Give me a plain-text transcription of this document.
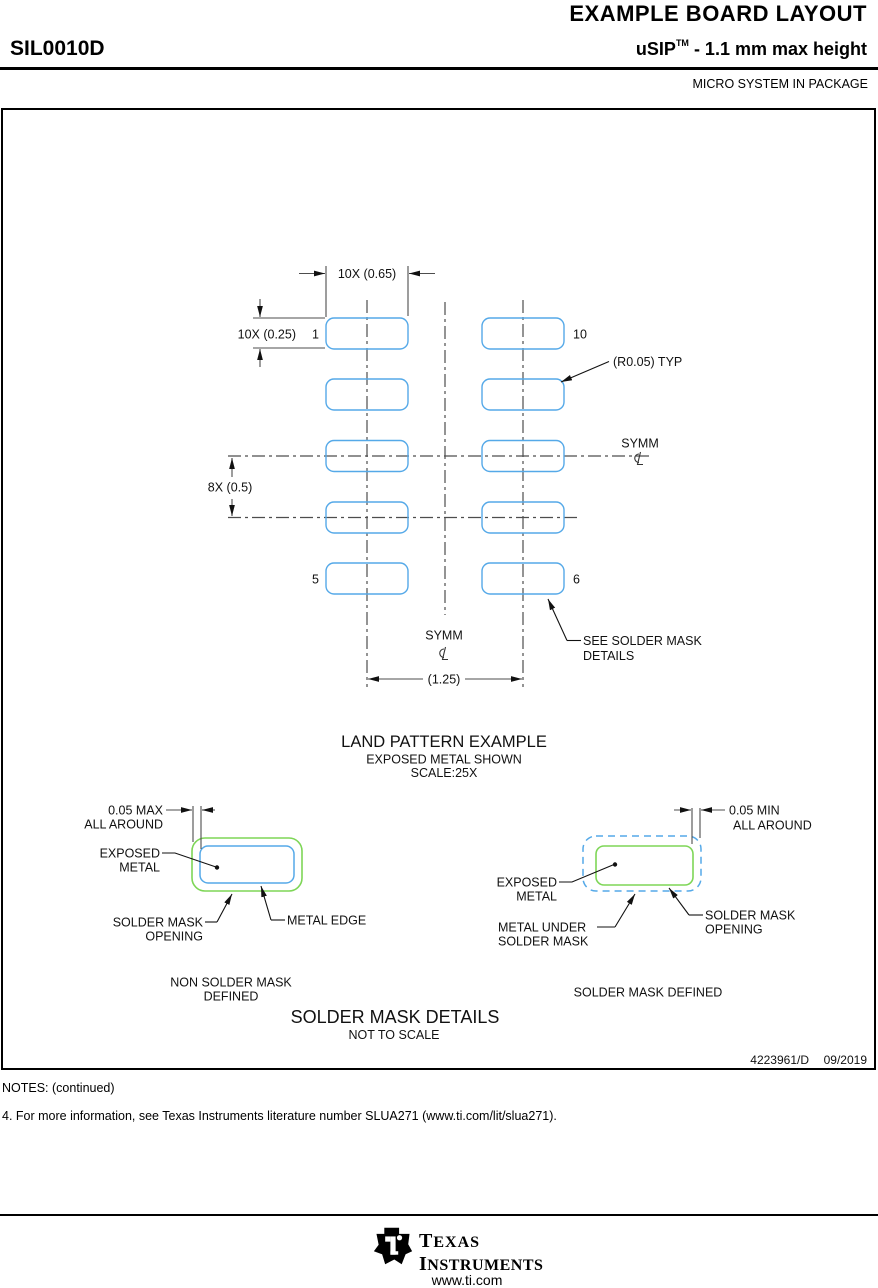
EXAMPLE BOARD LAYOUT
SIL0010D	uSIP™ - 1.1 mm max height
MICRO SYSTEM IN PACKAGE
10X (0.65)
10X (0.25) 1	10
5	6
(R0.05) TYP
8X (0.5)
SYMM
SYMM
(1.25)
SEE SOLDER MASK
DETAILS
LAND PATTERN EXAMPLE
EXPOSED METAL SHOWN
SCALE:25X
0.05 MAX
ALL AROUND
EXPOSED
METAL
SOLDER MASK
OPENING
METAL EDGE
NON SOLDER MASK
DEFINED
0.05 MIN
ALL AROUND
EXPOSED
METAL
METAL UNDER
SOLDER MASK
SOLDER MASK
OPENING
SOLDER MASK DEFINED
SOLDER MASK DETAILS
NOT TO SCALE
4223961/D 09/2019
NOTES: (continued)
4. For more information, see Texas Instruments literature number SLUA271 (www.ti.com/lit/slua271).
TEXAS
INSTRUMENTS
www.ti.com
